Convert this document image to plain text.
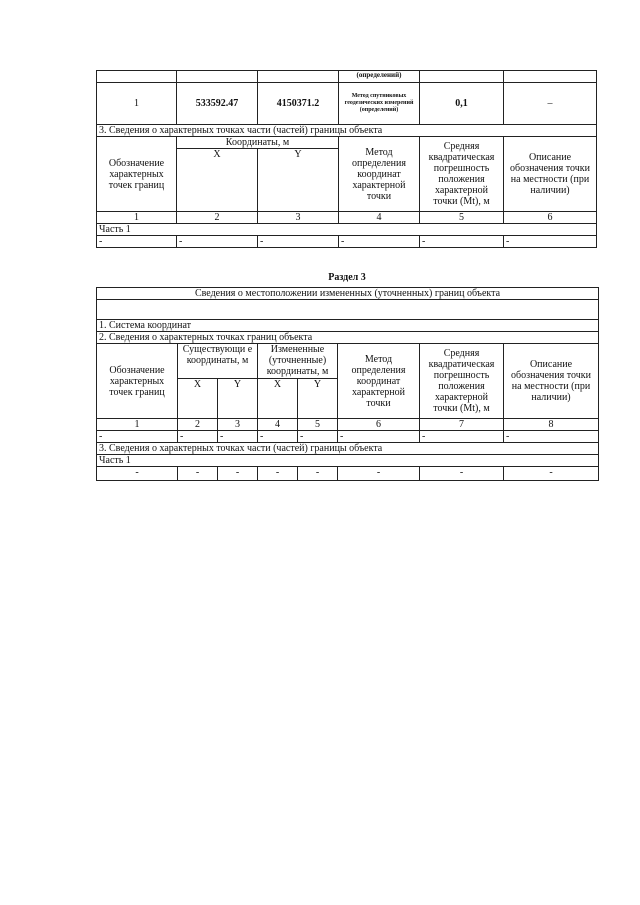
			(определений)		
1	533592.47	4150371.2	Метод спутниковых геодезических измерений (определений)	0,1	–
3. Сведения о характерных точках части (частей) границы объекта					
Обозначение характерных точек границ	Координаты, м		Метод определения координат характерной точки	Средняя квадратическая погрешность положения характерной точки (Mt), м	Описание обозначения точки на местности (при наличии)
	X	Y			
1	2	3	4	5	6
Часть 1					
-	-	-	-	-	-
Раздел 3
Сведения о местоположении измененных (уточненных) границ объекта							

1. Система координат							
2. Сведения о характерных точках границ объекта							
Обозначение характерных точек границ	Существующи е координаты, м		Измененные (уточненные) координаты, м		Метод определения координат характерной точки	Средняя квадратическая погрешность положения характерной точки (Mt), м	Описание обозначения точки на местности (при наличии)
	X	Y	X	Y			
1	2	3	4	5	6	7	8
-	-	-	-	-	-	-	-
3. Сведения о характерных точках части (частей) границы объекта							
Часть 1							
-	-	-	-	-	-	-	-
